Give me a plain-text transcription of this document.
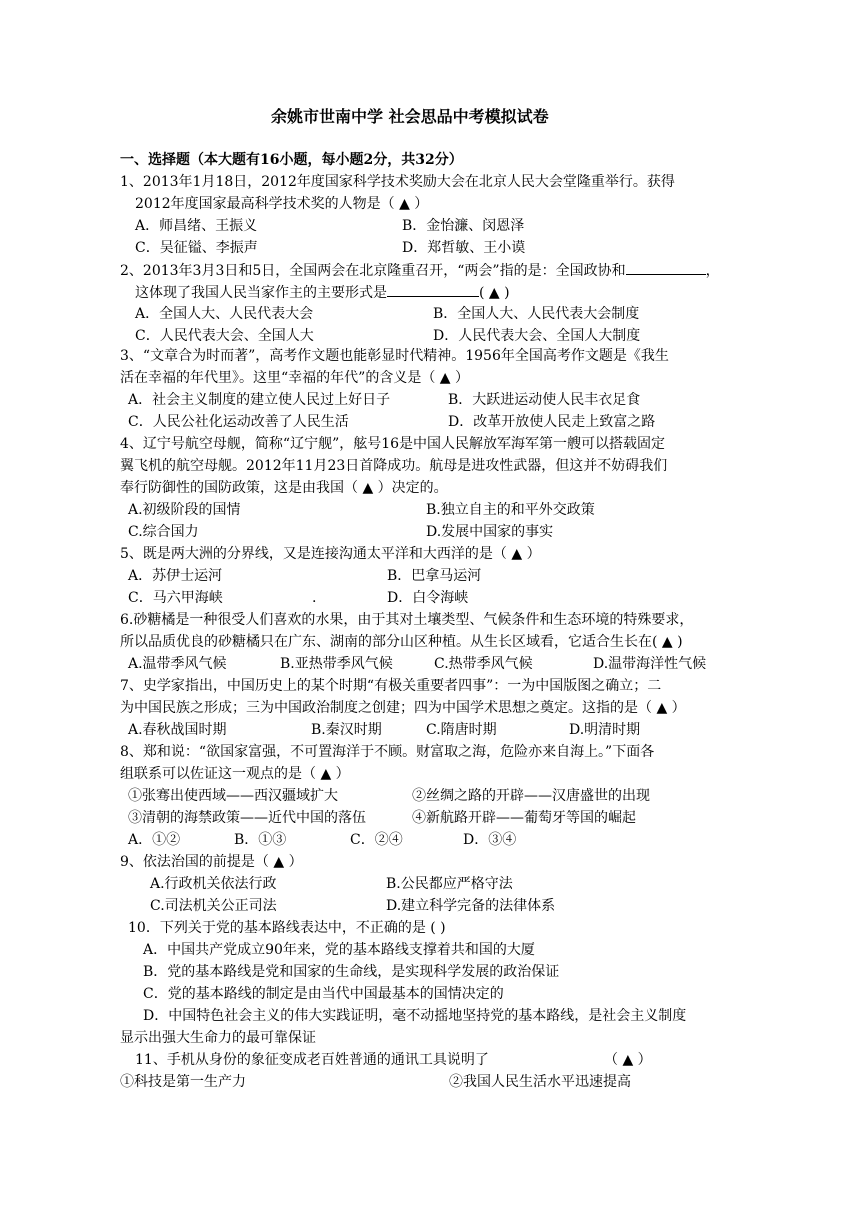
余姚市世南中学 社会思品中考模拟试卷
一、选择题（本大题有16小题，每小题2分，共32分）
1、2013年1月18日，2012年度国家科学技术奖励大会在北京人民大会堂隆重举行。获得
2012年度国家最高科学技术奖的人物是（ ▲ ）
A．师昌绪、王振义	B．金怡濂、闵恩泽
C．吴征镒、李振声	D．郑哲敏、王小谟
2、2013年3月3日和5日，全国两会在北京隆重召开，“两会”指的是：全国政协和	，
这体现了我国人民当家作主的主要形式是	( ▲ )
A．全国人大、人民代表大会	B．全国人大、人民代表大会制度
C．人民代表大会、全国人大	D．人民代表大会、全国人大制度
3、“文章合为时而著”，高考作文题也能彰显时代精神。1956年全国高考作文题是《我生
活在幸福的年代里》。这里“幸福的年代”的含义是（ ▲ ）
A．社会主义制度的建立使人民过上好日子	B．大跃进运动使人民丰衣足食
C．人民公社化运动改善了人民生活	D．改革开放使人民走上致富之路
4、辽宁号航空母舰，简称“辽宁舰”，舷号16是中国人民解放军海军第一艘可以搭载固定
翼飞机的航空母舰。2012年11月23日首降成功。航母是进攻性武器，但这并不妨碍我们
奉行防御性的国防政策，这是由我国（ ▲ ）决定的。
A.初级阶段的国情	B.独立自主的和平外交政策
C.综合国力	D.发展中国家的事实
5、既是两大洲的分界线，又是连接沟通太平洋和大西洋的是（ ▲ ）
A．苏伊士运河	B．巴拿马运河
C．马六甲海峡	.	D．白令海峡
6.砂糖橘是一种很受人们喜欢的水果，由于其对土壤类型、气候条件和生态环境的特殊要求，
所以品质优良的砂糖橘只在广东、湖南的部分山区种植。从生长区域看，它适合生长在( ▲ )
A.温带季风气候	B.亚热带季风气候	C.热带季风气候	D.温带海洋性气候
7、史学家指出，中国历史上的某个时期“有极关重要者四事”：一为中国版图之确立；二
为中国民族之形成；三为中国政治制度之创建；四为中国学术思想之奠定。这指的是（ ▲ ）
A.春秋战国时期	B.秦汉时期	C.隋唐时期	D.明清时期
8、郑和说：“欲国家富强，不可置海洋于不顾。财富取之海，危险亦来自海上。”下面各
组联系可以佐证这一观点的是（ ▲ ）
①张骞出使西域——西汉疆域扩大	②丝绸之路的开辟——汉唐盛世的出现
③清朝的海禁政策——近代中国的落伍	④新航路开辟——葡萄牙等国的崛起
A．①②	B．①③	C．②④	D．③④
9、依法治国的前提是（ ▲ ）
A.行政机关依法行政	B.公民都应严格守法
C.司法机关公正司法	D.建立科学完备的法律体系
10．下列关于党的基本路线表达中，不正确的是 ( )
A．中国共产党成立90年来，党的基本路线支撑着共和国的大厦
B．党的基本路线是党和国家的生命线，是实现科学发展的政治保证
C．党的基本路线的制定是由当代中国最基本的国情决定的
D．中国特色社会主义的伟大实践证明，毫不动摇地坚持党的基本路线，是社会主义制度
显示出强大生命力的最可靠保证
11、手机从身份的象征变成老百姓普通的通讯工具说明了	（ ▲ ）
①科技是第一生产力	②我国人民生活水平迅速提高
